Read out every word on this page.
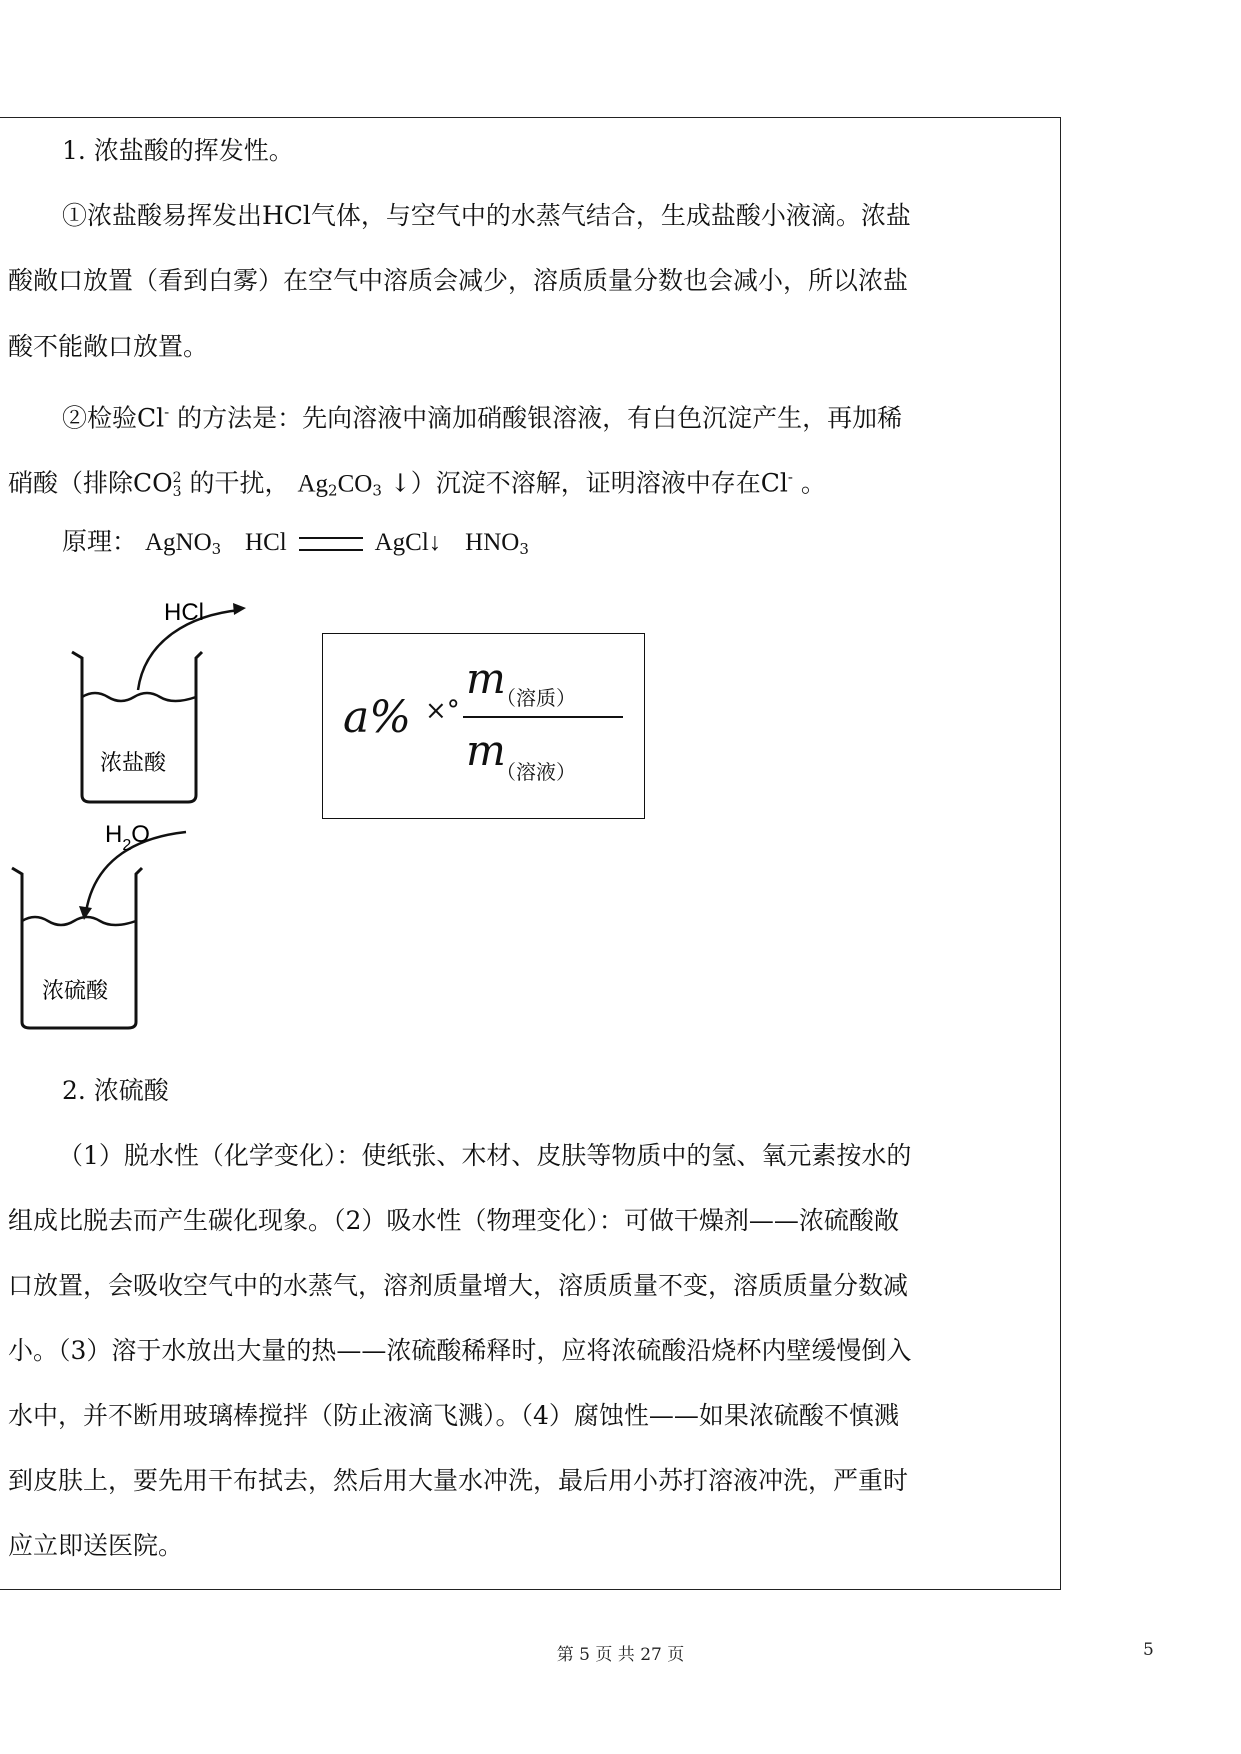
1. 浓盐酸的挥发性。
①浓盐酸易挥发出HCl气体，与空气中的水蒸气结合，生成盐酸小液滴。浓盐
酸敞口放置（看到白雾）在空气中溶质会减少，溶质质量分数也会减小，所以浓盐
酸不能敞口放置。
②检验Cl- 的方法是：先向溶液中滴加硝酸银溶液，有白色沉淀产生，再加稀
硝酸（排除CO 2
3 的干扰， $Ag_2CO_3$ ↓）沉淀不溶解，证明溶液中存在Cl- 。
原理： AgNO$_3$ HCl	AgCl↓ $HNO_3$
HCl
浓盐酸
a% ×°
m
（溶质）
m
（溶液）
$H_2O$
浓硫酸
2. 浓硫酸
（1）脱水性（化学变化）：使纸张、木材、皮肤等物质中的氢、氧元素按水的
组成比脱去而产生碳化现象。（2）吸水性（物理变化）：可做干燥剂——浓硫酸敞
口放置，会吸收空气中的水蒸气，溶剂质量增大，溶质质量不变，溶质质量分数减
小。（3）溶于水放出大量的热——浓硫酸稀释时，应将浓硫酸沿烧杯内壁缓慢倒入
水中，并不断用玻璃棒搅拌（防止液滴飞溅）。（4）腐蚀性——如果浓硫酸不慎溅
到皮肤上，要先用干布拭去，然后用大量水冲洗，最后用小苏打溶液冲洗，严重时
应立即送医院。
第 5 页 共 27 页	5
